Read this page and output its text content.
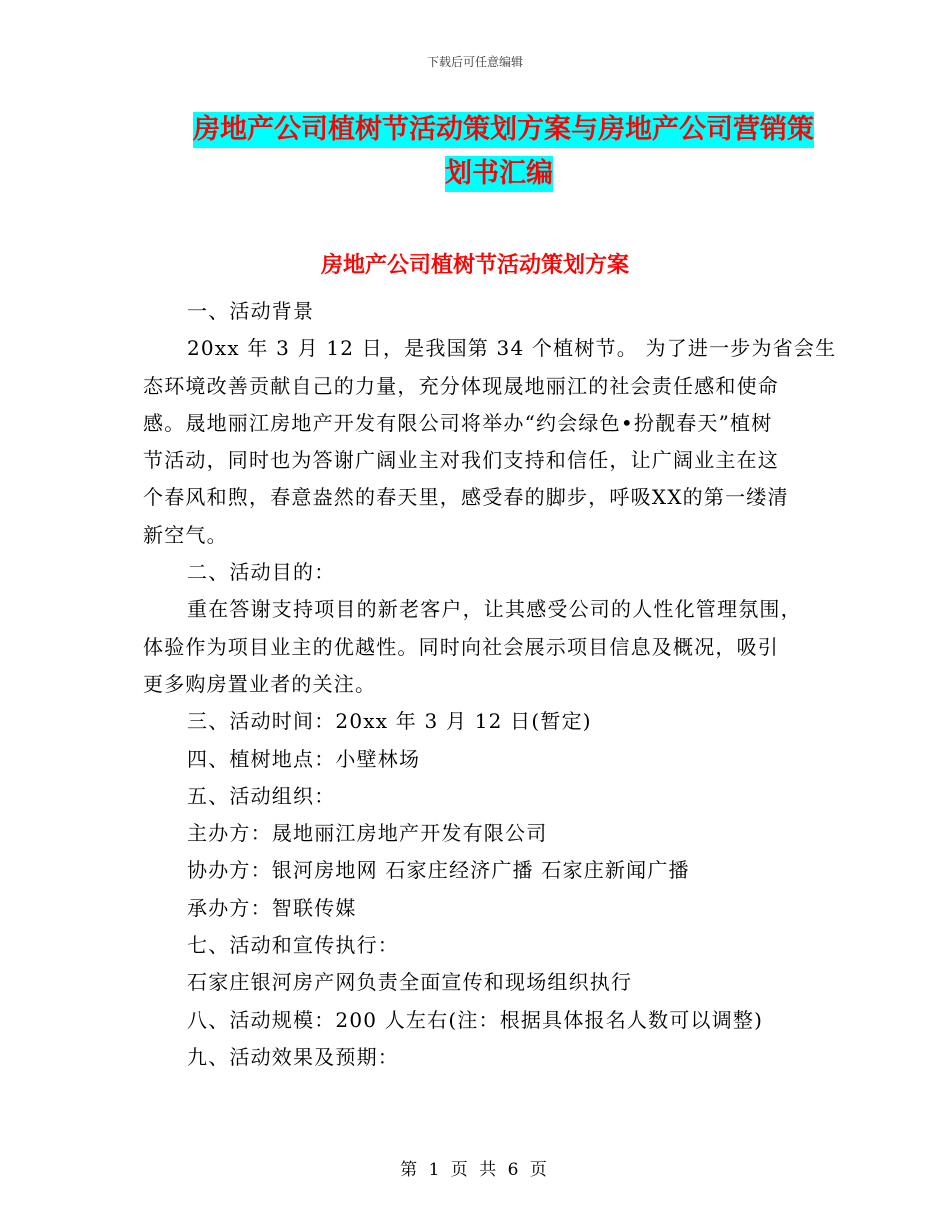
下载后可任意编辑
房地产公司植树节活动策划方案与房地产公司营销策
划书汇编
房地产公司植树节活动策划方案
一、活动背景
20xx 年 3 月 12 日，是我国第 34 个植树节。 为了进一步为省会生
态环境改善贡献自己的力量，充分体现晟地丽江的社会责任感和使命
感。晟地丽江房地产开发有限公司将举办“约会绿色•扮靓春天”植树
节活动，同时也为答谢广阔业主对我们支持和信任，让广阔业主在这
个春风和煦，春意盎然的春天里，感受春的脚步，呼吸XX的第一缕清
新空气。
二、活动目的：
重在答谢支持项目的新老客户，让其感受公司的人性化管理氛围，
体验作为项目业主的优越性。同时向社会展示项目信息及概况，吸引
更多购房置业者的关注。
三、活动时间：20xx 年 3 月 12 日(暂定)
四、植树地点：小壁林场
五、活动组织：
主办方：晟地丽江房地产开发有限公司
协办方：银河房地网 石家庄经济广播 石家庄新闻广播
承办方：智联传媒
七、活动和宣传执行：
石家庄银河房产网负责全面宣传和现场组织执行
八、活动规模：200 人左右(注：根据具体报名人数可以调整)
九、活动效果及预期：
第 1 页 共 6 页
